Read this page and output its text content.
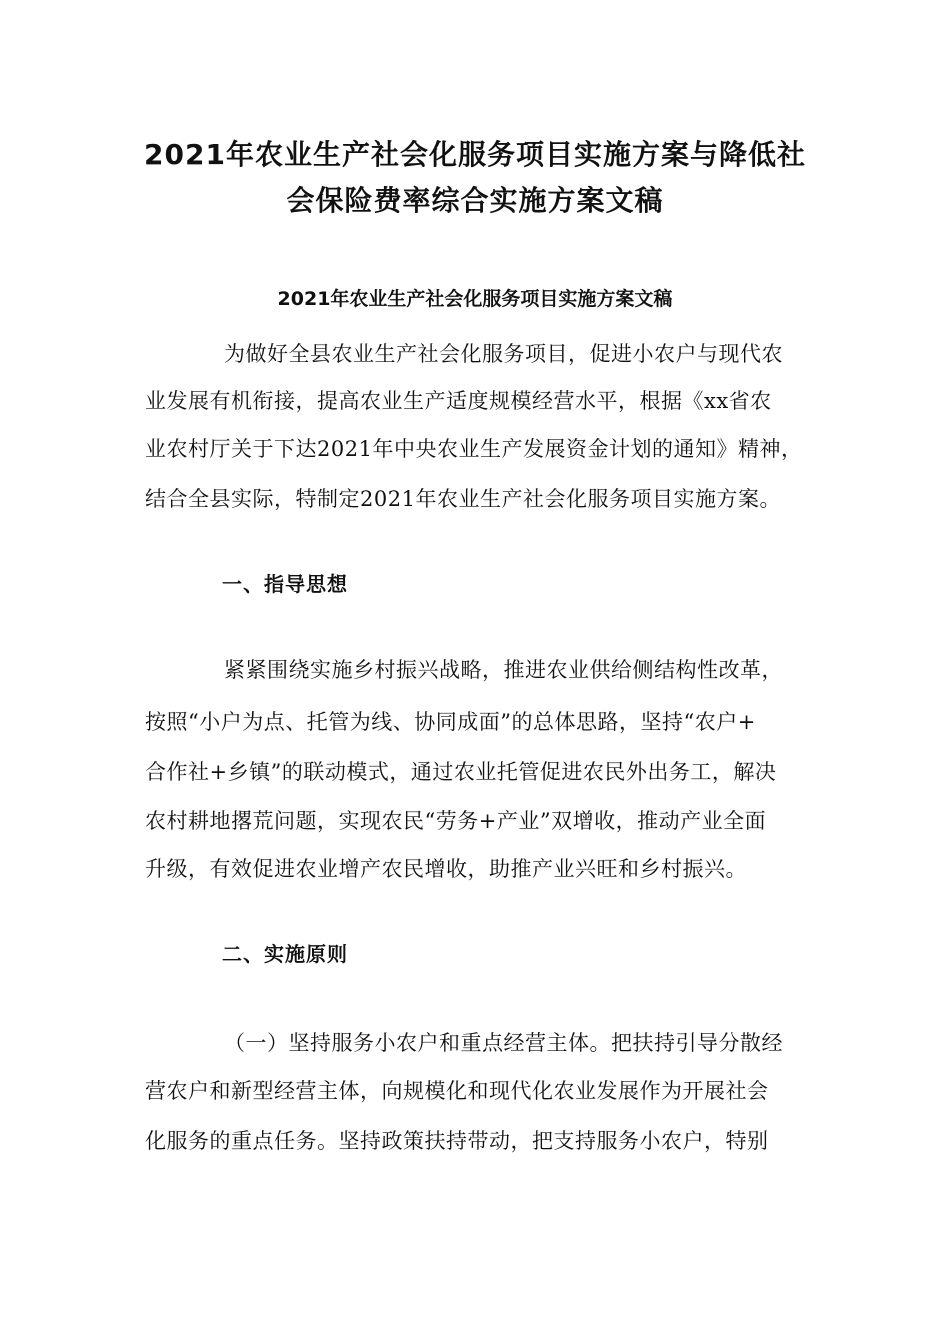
2021年农业生产社会化服务项目实施方案与降低社
会保险费率综合实施方案文稿
2021年农业生产社会化服务项目实施方案文稿

为做好全县农业生产社会化服务项目，促进小农户与现代农

业发展有机衔接，提高农业生产适度规模经营水平，根据《xx省农

业农村厅关于下达2021年中央农业生产发展资金计划的通知》精神，

结合全县实际，特制定2021年农业生产社会化服务项目实施方案。

一、指导思想

紧紧围绕实施乡村振兴战略，推进农业供给侧结构性改革，

按照“小户为点、托管为线、协同成面”的总体思路，坚持“农户+

合作社+乡镇”的联动模式，通过农业托管促进农民外出务工，解决

农村耕地撂荒问题，实现农民“劳务+产业”双增收，推动产业全面

升级，有效促进农业增产农民增收，助推产业兴旺和乡村振兴。

二、实施原则

（一）坚持服务小农户和重点经营主体。把扶持引导分散经

营农户和新型经营主体，向规模化和现代化农业发展作为开展社会

化服务的重点任务。坚持政策扶持带动，把支持服务小农户，特别
